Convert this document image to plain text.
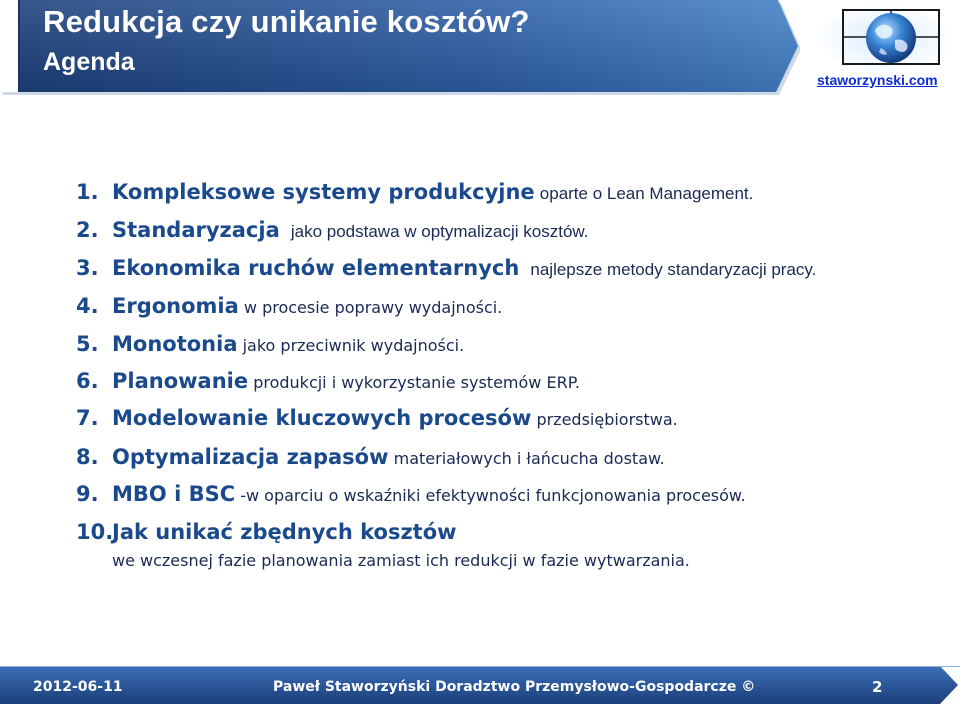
Redukcja czy unikanie kosztów?
Agenda
staworzynski.com
1. Kompleksowe systemy produkcyjne oparte o Lean Management.
2. Standaryzacja jako podstawa w optymalizacji kosztów.
3. Ekonomika ruchów elementarnych najlepsze metody standaryzacji pracy.
4. Ergonomia w procesie poprawy wydajności.
5. Monotonia jako przeciwnik wydajności.
6. Planowanie produkcji i wykorzystanie systemów ERP.
7. Modelowanie kluczowych procesów przedsiębiorstwa.
8. Optymalizacja zapasów materiałowych i łańcucha dostaw.
9. MBO i BSC -w oparciu o wskaźniki efektywności funkcjonowania procesów.
10.Jak unikać zbędnych kosztów
we wczesnej fazie planowania zamiast ich redukcji w fazie wytwarzania.
2012-06-11	Paweł Staworzyński Doradztwo Przemysłowo-Gospodarcze ©	2
